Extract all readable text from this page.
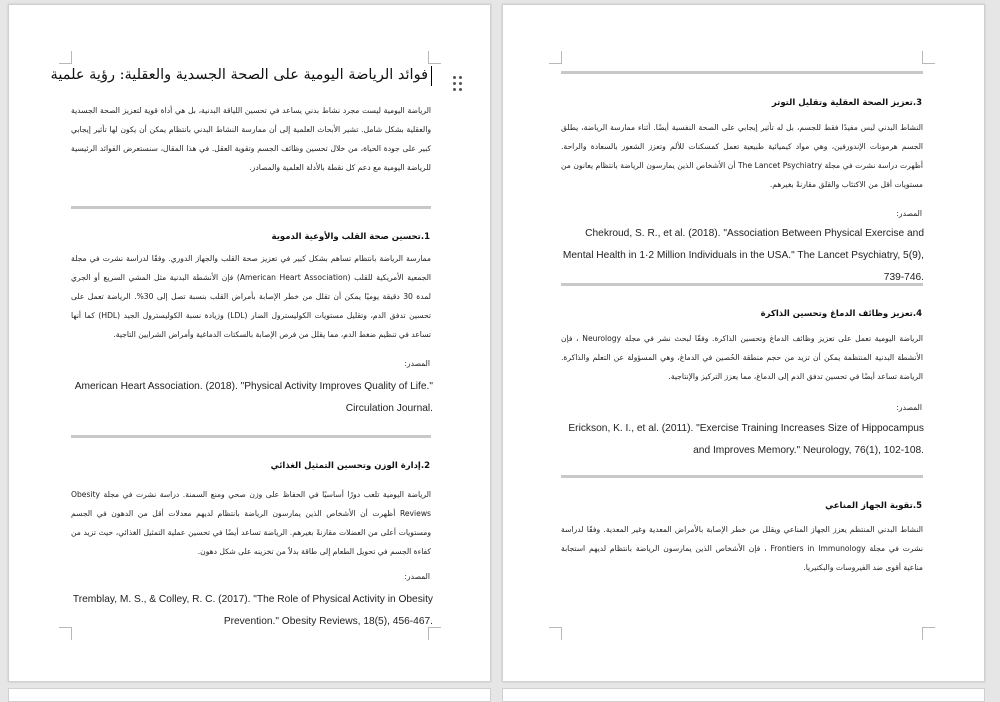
فوائد الرياضة اليومية على الصحة الجسدية والعقلية: رؤية علمية

الرياضة اليومية ليست مجرد نشاط بدني يساعد في تحسين اللياقة البدنية، بل هي أداة قوية لتعزيز الصحة الجسدية والعقلية بشكل شامل. تشير الأبحاث العلمية إلى أن ممارسة النشاط البدني بانتظام يمكن أن يكون لها تأثير إيجابي كبير على جودة الحياة، من خلال تحسين وظائف الجسم وتقوية العقل. في هذا المقال، سنستعرض الفوائد الرئيسية للرياضة اليومية مع دعم كل نقطة بالأدلة العلمية والمصادر.

1.تحسين صحة القلب والأوعية الدموية

ممارسة الرياضة بانتظام تساهم بشكل كبير في تعزيز صحة القلب والجهاز الدوري. وفقًا لدراسة نشرت في مجلة الجمعية الأمريكية للقلب (American Heart Association) فإن الأنشطة البدنية مثل المشي السريع أو الجري لمدة 30 دقيقة يوميًا يمكن أن تقلل من خطر الإصابة بأمراض القلب بنسبة تصل إلى 30%. الرياضة تعمل على تحسين تدفق الدم، وتقليل مستويات الكوليسترول الضار (LDL) وزيادة نسبة الكوليسترول الجيد (HDL) كما أنها تساعد في تنظيم ضغط الدم، مما يقلل من فرص الإصابة بالسكتات الدماغية وأمراض الشرايين التاجية.

المصدر:

American Heart Association. (2018). "Physical Activity Improves Quality of Life." Circulation Journal.

2.إدارة الوزن وتحسين التمثيل الغذائي

الرياضة اليومية تلعب دورًا أساسيًا في الحفاظ على وزن صحي ومنع السمنة. دراسة نشرت في مجلة Obesity Reviews أظهرت أن الأشخاص الذين يمارسون الرياضة بانتظام لديهم معدلات أقل من الدهون في الجسم ومستويات أعلى من العضلات مقارنةً بغيرهم. الرياضة تساعد أيضًا في تحسين عملية التمثيل الغذائي، حيث تزيد من كفاءة الجسم في تحويل الطعام إلى طاقة بدلاً من تخزينه على شكل دهون.

المصدر:

Tremblay, M. S., & Colley, R. C. (2017). "The Role of Physical Activity in Obesity Prevention." Obesity Reviews, 18(5), 456-467.

3.تعزيز الصحة العقلية وتقليل التوتر

النشاط البدني ليس مفيدًا فقط للجسم، بل له تأثير إيجابي على الصحة النفسية أيضًا. أثناء ممارسة الرياضة، يطلق الجسم هرمونات الإندورفين، وهي مواد كيميائية طبيعية تعمل كمسكنات للألم وتعزز الشعور بالسعادة والراحة. أظهرت دراسة نشرت في مجلة The Lancet Psychiatry أن الأشخاص الذين يمارسون الرياضة بانتظام يعانون من مستويات أقل من الاكتئاب والقلق مقارنةً بغيرهم.

المصدر:

Chekroud, S. R., et al. (2018). "Association Between Physical Exercise and Mental Health in 1·2 Million Individuals in the USA." The Lancet Psychiatry, 5(9), 739-746.

4.تعزيز وظائف الدماغ وتحسين الذاكرة

الرياضة اليومية تعمل على تعزيز وظائف الدماغ وتحسين الذاكرة. وفقًا لبحث نشر في مجلة Neurology ، فإن الأنشطة البدنية المنتظمة يمكن أن تزيد من حجم منطقة الحُصين في الدماغ، وهي المسؤولة عن التعلم والذاكرة. الرياضة تساعد أيضًا في تحسين تدفق الدم إلى الدماغ، مما يعزز التركيز والإنتاجية.

المصدر:

Erickson, K. I., et al. (2011). "Exercise Training Increases Size of Hippocampus and Improves Memory." Neurology, 76(1), 102-108.

5.تقوية الجهاز المناعي

النشاط البدني المنتظم يعزز الجهاز المناعي ويقلل من خطر الإصابة بالأمراض المعدية وغير المعدية. وفقًا لدراسة نشرت في مجلة Frontiers in Immunology ، فإن الأشخاص الذين يمارسون الرياضة بانتظام لديهم استجابة مناعية أقوى ضد الفيروسات والبكتيريا.
